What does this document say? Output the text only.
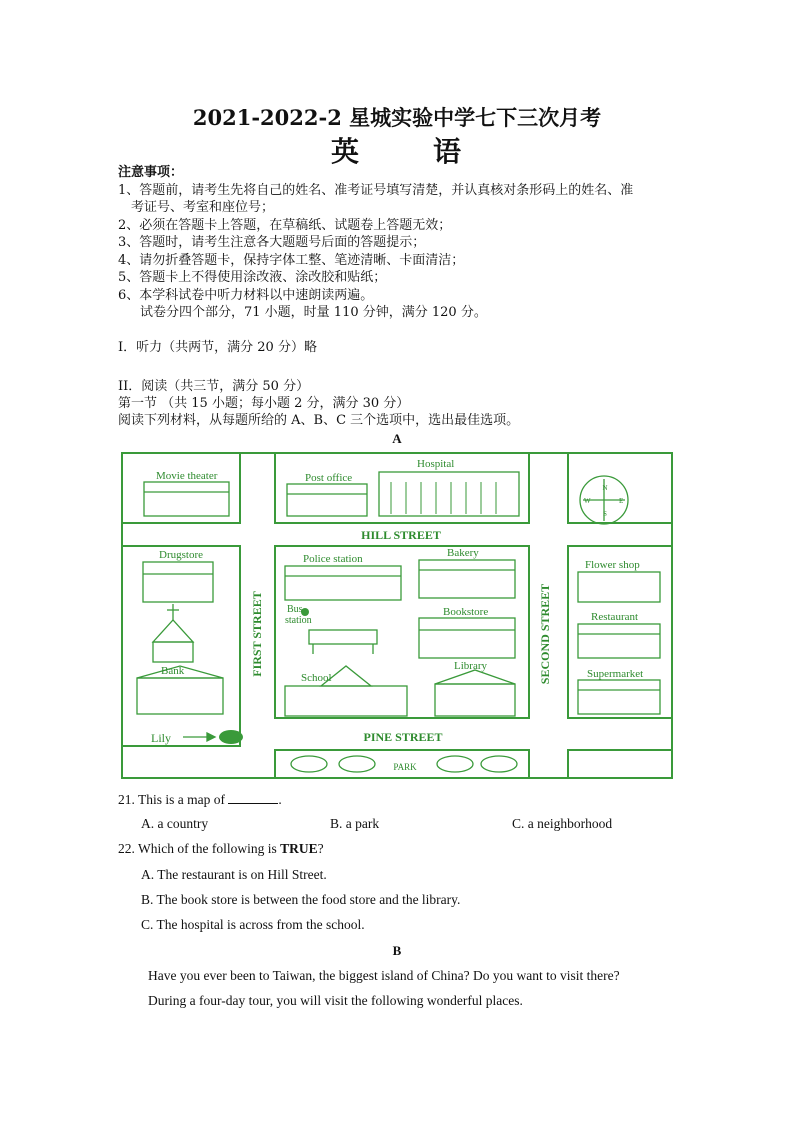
2021-2022-2 星城实验中学七下三次月考
英	语
注意事项：
1、答题前，请考生先将自己的姓名、准考证号填写清楚，并认真核对条形码上的姓名、准
考证号、考室和座位号；
2、必须在答题卡上答题，在草稿纸、试题卷上答题无效；
3、答题时，请考生注意各大题题号后面的答题提示；
4、请勿折叠答题卡，保持字体工整、笔迹清晰、卡面清洁；
5、答题卡上不得使用涂改液、涂改胶和贴纸；
6、本学科试卷中听力材料以中速朗读两遍。
试卷分四个部分，71 小题，时量 110 分钟，满分 120 分。
I．听力（共两节，满分 20 分）略
II．阅读（共三节，满分 50 分）
第一节 （共 15 小题；每小题 2 分，满分 30 分）
阅读下列材料，从每题所给的 A、B、C 三个选项中，选出最佳选项。
A
Movie theater	Post office
Hospital
N
S
W	E
HILL STREET
Drugstore	Police station	Bakery
Flower shop
FIRST STREET	SECOND STREET
Bus
station
Bookstore	Restaurant
Bank	Library
School	Supermarket
Lily	PINE STREET
PARK
21. This is a map of	.
A. a country	B. a park	C. a neighborhood
22. Which of the following is TRUE?
A. The restaurant is on Hill Street.
B. The book store is between the food store and the library.
C. The hospital is across from the school.
B
Have you ever been to Taiwan, the biggest island of China? Do you want to visit there?
During a four-day tour, you will visit the following wonderful places.
